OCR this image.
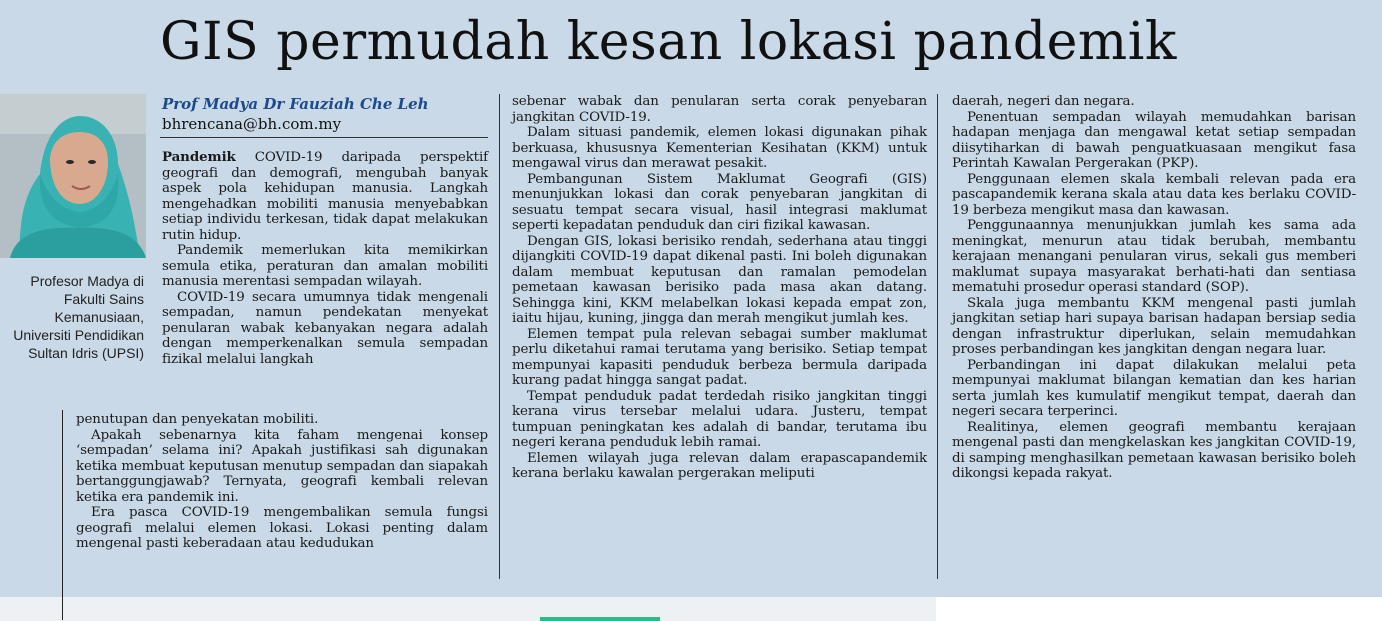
GIS permudah kesan lokasi pandemik
Profesor Madya di Fakulti Sains Kemanusiaan, Universiti Pendidikan Sultan Idris (UPSI)
Prof Madya Dr Fauziah Che Leh
bhrencana@bh.com.my

Pandemik COVID-19 daripada perspektif geografi dan demografi, mengubah banyak aspek pola kehidupan manusia. Langkah mengehadkan mobiliti manusia menyebabkan setiap individu terkesan, tidak dapat melakukan rutin hidup.

Pandemik memerlukan kita memikirkan semula etika, peraturan dan amalan mobiliti manusia merentasi sempadan wilayah.

COVID-19 secara umumnya tidak mengenali sempadan, namun pendekatan menyekat penularan wabak kebanyakan negara adalah dengan memperkenalkan semula sempadan fizikal melalui langkah

penutupan dan penyekatan mobiliti.

Apakah sebenarnya kita faham mengenai konsep ‘sempadan’ selama ini? Apakah justifikasi sah digunakan ketika membuat keputusan menutup sempadan dan siapakah bertanggungjawab? Ternyata, geografi kembali relevan ketika era pandemik ini.

Era pasca COVID-19 mengembalikan semula fungsi geografi melalui elemen lokasi. Lokasi penting dalam mengenal pasti keberadaan atau kedudukan

sebenar wabak dan penularan serta corak penyebaran jangkitan COVID-19.

Dalam situasi pandemik, elemen lokasi digunakan pihak berkuasa, khususnya Kementerian Kesihatan (KKM) untuk mengawal virus dan merawat pesakit.

Pembangunan Sistem Maklumat Geografi (GIS) menunjukkan lokasi dan corak penyebaran jangkitan di sesuatu tempat secara visual, hasil integrasi maklumat seperti kepadatan penduduk dan ciri fizikal kawasan.

Dengan GIS, lokasi berisiko rendah, sederhana atau tinggi dijangkiti COVID-19 dapat dikenal pasti. Ini boleh digunakan dalam membuat keputusan dan ramalan pemodelan pemetaan kawasan berisiko pada masa akan datang. Sehingga kini, KKM melabelkan lokasi kepada empat zon, iaitu hijau, kuning, jingga dan merah mengikut jumlah kes.

Elemen tempat pula relevan sebagai sumber maklumat perlu diketahui ramai terutama yang berisiko. Setiap tempat mempunyai kapasiti penduduk berbeza bermula daripada kurang padat hingga sangat padat.

Tempat penduduk padat terdedah risiko jangkitan tinggi kerana virus tersebar melalui udara. Justeru, tempat tumpuan peningkatan kes adalah di bandar, terutama ibu negeri kerana penduduk lebih ramai.

Elemen wilayah juga relevan dalam erapascapandemik kerana berlaku kawalan pergerakan meliputi

daerah, negeri dan negara.

Penentuan sempadan wilayah memudahkan barisan hadapan menjaga dan mengawal ketat setiap sempadan diisytiharkan di bawah penguatkuasaan mengikut fasa Perintah Kawalan Pergerakan (PKP).

Penggunaan elemen skala kembali relevan pada era pascapandemik kerana skala atau data kes berlaku COVID-19 berbeza mengikut masa dan kawasan.

Penggunaannya menunjukkan jumlah kes sama ada meningkat, menurun atau tidak berubah, membantu kerajaan menangani penularan virus, sekali gus memberi maklumat supaya masyarakat berhati-hati dan sentiasa mematuhi prosedur operasi standard (SOP).

Skala juga membantu KKM mengenal pasti jumlah jangkitan setiap hari supaya barisan hadapan bersiap sedia dengan infrastruktur diperlukan, selain memudahkan proses perbandingan kes jangkitan dengan negara luar.

Perbandingan ini dapat dilakukan melalui peta mempunyai maklumat bilangan kematian dan kes harian serta jumlah kes kumulatif mengikut tempat, daerah dan negeri secara terperinci.

Realitinya, elemen geografi membantu kerajaan mengenal pasti dan mengkelaskan kes jangkitan COVID-19, di samping menghasilkan pemetaan kawasan berisiko boleh dikongsi kepada rakyat.
